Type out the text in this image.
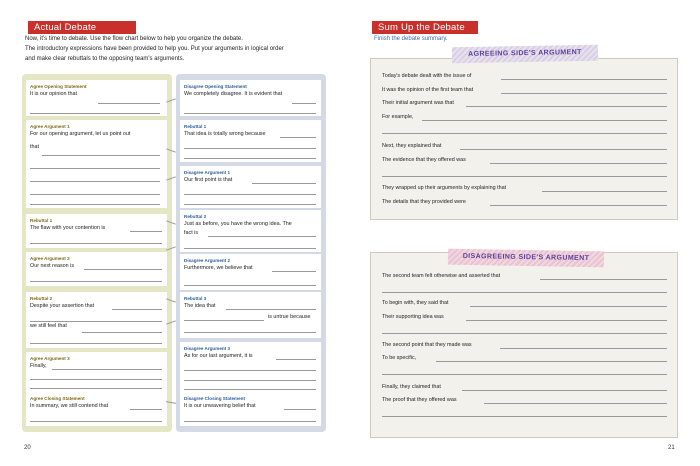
Actual Debate
Now, it's time to debate. Use the flow chart below to help you organize the debate.
The introductory expressions have been provided to help you. Put your arguments in logical order
and make clear rebuttals to the opposing team's arguments.
Agree Opening Statement
It is our opinion that
Agree Argument 1
For our opening argument, let us point out
that
Rebuttal 1
The flaw with your contention is
Agree Argument 2
Our next reason is
Rebuttal 2
Despite your assertion that
we still feel that
Agree Argument 3
Finally,
Agree Closing Statement
In summary, we still contend that
Disagree Opening Statement
We completely disagree. It is evident that
Rebuttal 1
That idea is totally wrong because
Disagree Argument 1
Our first point is that
Rebuttal 2
Just as before, you have the wrong idea. The
fact is
Disagree Argument 2
Furthermore, we believe that
Rebuttal 3
The idea that
is untrue because
Disagree Argument 3
As for our last argument, it is
Disagree Closing Statement
It is our unwavering belief that
20
Sum Up the Debate
Finish the debate summary.
AGREEING SIDE'S ARGUMENT
Today's debate dealt with the issue of
It was the opinion of the first team that
Their initial argument was that
For example,
Next, they explained that
The evidence that they offered was
They wrapped up their arguments by explaining that
The details that they provided were
DISAGREEING SIDE'S ARGUMENT
The second team felt otherwise and asserted that
To begin with, they said that
Their supporting idea was
The second point that they made was
To be specific,
Finally, they claimed that
The proof that they offered was
21
